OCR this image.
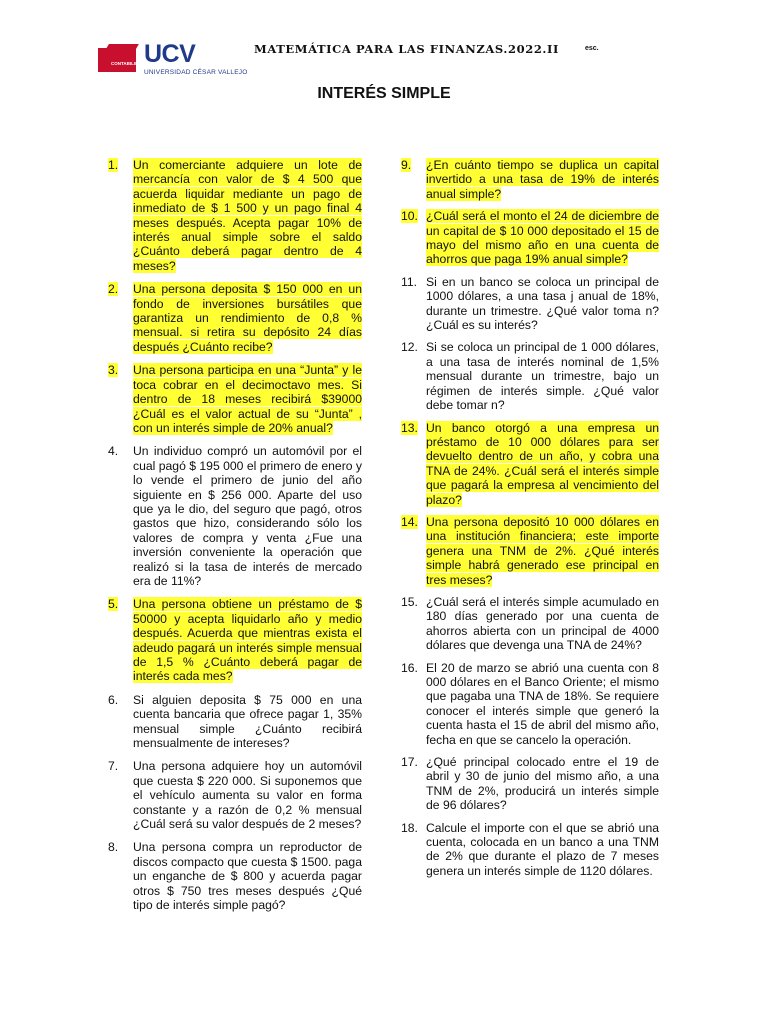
CONTABILIDAD UCV
UNIVERSIDAD CÉSAR VALLEJO
MATEMÁTICA PARA LAS FINANZAS.2022.II	esc.
INTERÉS SIMPLE
1.	Un comerciante adquiere un lote de mercancía con valor de $ 4 500 que acuerda liquidar mediante un pago de inmediato de $ 1 500 y un pago final 4 meses después. Acepta pagar 10% de interés anual simple sobre el saldo ¿Cuánto deberá pagar dentro de 4 meses?
2.	Una persona deposita $ 150 000 en un fondo de inversiones bursátiles que garantiza un rendimiento de 0,8 % mensual. si retira su depósito 24 días después ¿Cuánto recibe?
3.	Una persona participa en una “Junta” y le toca cobrar en el decimoctavo mes. Si dentro de 18 meses recibirá $39000 ¿Cuál es el valor actual de su “Junta” , con un interés simple de 20% anual?
4.	Un individuo compró un automóvil por el cual pagó $ 195 000 el primero de enero y lo vende el primero de junio del año siguiente en $ 256 000. Aparte del uso que ya le dio, del seguro que pagó, otros gastos que hizo, considerando sólo los valores de compra y venta ¿Fue una inversión conveniente la operación que realizó si la tasa de interés de mercado era de 11%?
5.	Una persona obtiene un préstamo de $ 50000 y acepta liquidarlo año y medio después. Acuerda que mientras exista el adeudo pagará un interés simple mensual de 1,5 % ¿Cuánto deberá pagar de interés cada mes?
6.	Si alguien deposita $ 75 000 en una cuenta bancaria que ofrece pagar 1, 35% mensual simple ¿Cuánto recibirá mensualmente de intereses?
7.	Una persona adquiere hoy un automóvil que cuesta $ 220 000. Si suponemos que el vehículo aumenta su valor en forma constante y a razón de 0,2 % mensual ¿Cuál será su valor después de 2 meses?
8.	Una persona compra un reproductor de discos compacto que cuesta $ 1500. paga un enganche de $ 800 y acuerda pagar otros $ 750 tres meses después ¿Qué tipo de interés simple pagó?
9.	¿En cuánto tiempo se duplica un capital invertido a una tasa de 19% de interés anual simple?
10. ¿Cuál será el monto el 24 de diciembre de un capital de $ 10 000 depositado el 15 de mayo del mismo año en una cuenta de ahorros que paga 19% anual simple?
11. Si en un banco se coloca un principal de 1000 dólares, a una tasa j anual de 18%, durante un trimestre. ¿Qué valor toma n? ¿Cuál es su interés?
12. Si se coloca un principal de 1 000 dólares, a una tasa de interés nominal de 1,5% mensual durante un trimestre, bajo un régimen de interés simple. ¿Qué valor debe tomar n?
13. Un banco otorgó a una empresa un préstamo de 10 000 dólares para ser devuelto dentro de un año, y cobra una TNA de 24%. ¿Cuál será el interés simple que pagará la empresa al vencimiento del plazo?
14. Una persona depositó 10 000 dólares en una institución financiera; este importe genera una TNM de 2%. ¿Qué interés simple habrá generado ese principal en tres meses?
15. ¿Cuál será el interés simple acumulado en 180 días generado por una cuenta de ahorros abierta con un principal de 4000 dólares que devenga una TNA de 24%?
16. El 20 de marzo se abrió una cuenta con 8 000 dólares en el Banco Oriente; el mismo que pagaba una TNA de 18%. Se requiere conocer el interés simple que generó la cuenta hasta el 15 de abril del mismo año, fecha en que se cancelo la operación.
17. ¿Qué principal colocado entre el 19 de abril y 30 de junio del mismo año, a una TNM de 2%, producirá un interés simple de 96 dólares?
18. Calcule el importe con el que se abrió una cuenta, colocada en un banco a una TNM de 2% que durante el plazo de 7 meses genera un interés simple de 1120 dólares.
